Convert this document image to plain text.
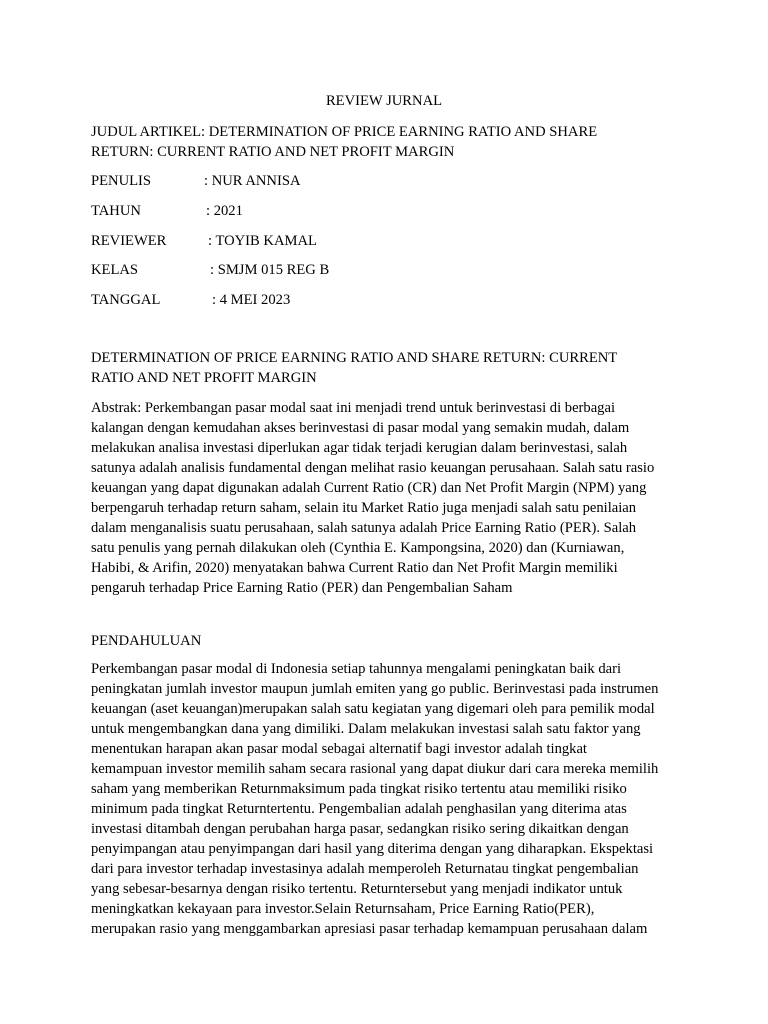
REVIEW JURNAL
JUDUL ARTIKEL: DETERMINATION OF PRICE EARNING RATIO AND SHARE
RETURN: CURRENT RATIO AND NET PROFIT MARGIN
PENULIS	: NUR ANNISA
TAHUN	: 2021
REVIEWER	: TOYIB KAMAL
KELAS	: SMJM 015 REG B
TANGGAL	: 4 MEI 2023
DETERMINATION OF PRICE EARNING RATIO AND SHARE RETURN: CURRENT
RATIO AND NET PROFIT MARGIN
Abstrak: Perkembangan pasar modal saat ini menjadi trend untuk berinvestasi di berbagai
kalangan dengan kemudahan akses berinvestasi di pasar modal yang semakin mudah, dalam
melakukan analisa investasi diperlukan agar tidak terjadi kerugian dalam berinvestasi, salah
satunya adalah analisis fundamental dengan melihat rasio keuangan perusahaan. Salah satu rasio
keuangan yang dapat digunakan adalah Current Ratio (CR) dan Net Profit Margin (NPM) yang
berpengaruh terhadap return saham, selain itu Market Ratio juga menjadi salah satu penilaian
dalam menganalisis suatu perusahaan, salah satunya adalah Price Earning Ratio (PER). Salah
satu penulis yang pernah dilakukan oleh (Cynthia E. Kampongsina, 2020) dan (Kurniawan,
Habibi, & Arifin, 2020) menyatakan bahwa Current Ratio dan Net Profit Margin memiliki
pengaruh terhadap Price Earning Ratio (PER) dan Pengembalian Saham
PENDAHULUAN
Perkembangan pasar modal di Indonesia setiap tahunnya mengalami peningkatan baik dari
peningkatan jumlah investor maupun jumlah emiten yang go public. Berinvestasi pada instrumen
keuangan (aset keuangan)merupakan salah satu kegiatan yang digemari oleh para pemilik modal
untuk mengembangkan dana yang dimiliki. Dalam melakukan investasi salah satu faktor yang
menentukan harapan akan pasar modal sebagai alternatif bagi investor adalah tingkat
kemampuan investor memilih saham secara rasional yang dapat diukur dari cara mereka memilih
saham yang memberikan Returnmaksimum pada tingkat risiko tertentu atau memiliki risiko
minimum pada tingkat Returntertentu. Pengembalian adalah penghasilan yang diterima atas
investasi ditambah dengan perubahan harga pasar, sedangkan risiko sering dikaitkan dengan
penyimpangan atau penyimpangan dari hasil yang diterima dengan yang diharapkan. Ekspektasi
dari para investor terhadap investasinya adalah memperoleh Returnatau tingkat pengembalian
yang sebesar-besarnya dengan risiko tertentu. Returntersebut yang menjadi indikator untuk
meningkatkan kekayaan para investor.Selain Returnsaham, Price Earning Ratio(PER),
merupakan rasio yang menggambarkan apresiasi pasar terhadap kemampuan perusahaan dalam
